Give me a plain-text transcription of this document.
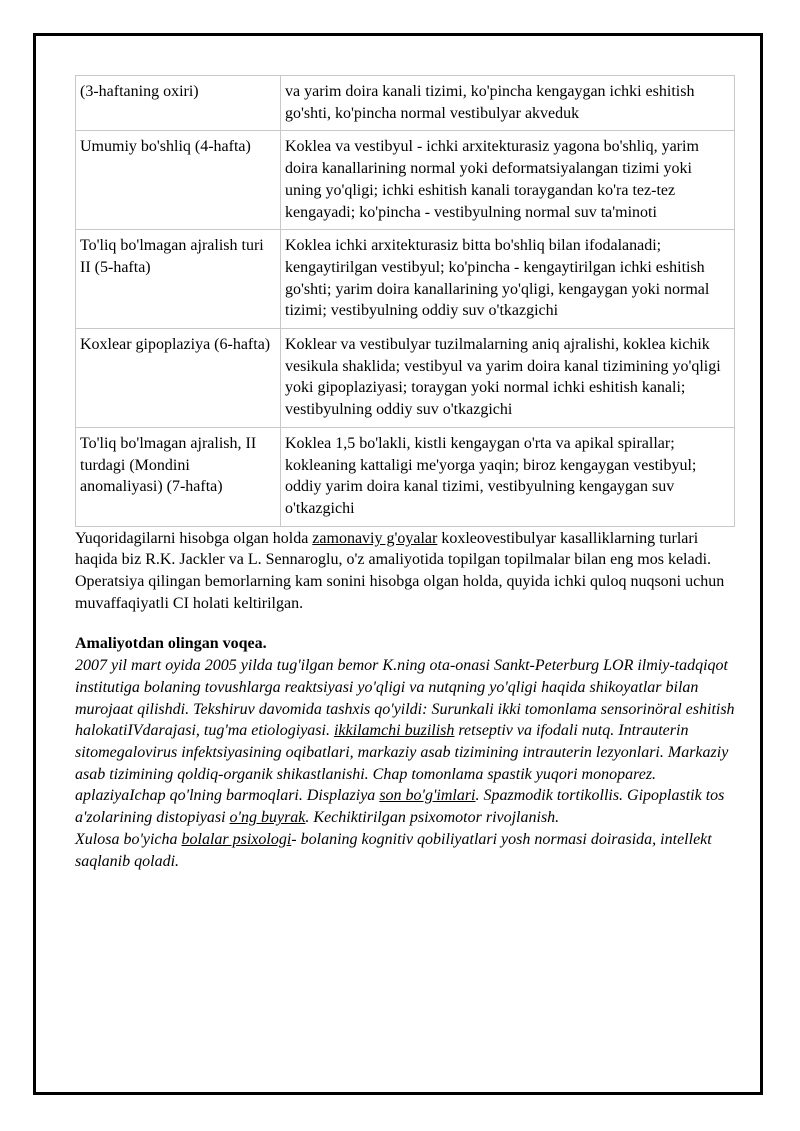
(3-haftaning oxiri)	va yarim doira kanali tizimi, ko'pincha kengaygan ichki eshitish go'shti, ko'pincha normal vestibulyar akveduk
Umumiy bo'shliq (4-hafta)	Koklea va vestibyul - ichki arxitekturasiz yagona bo'shliq, yarim doira kanallarining normal yoki deformatsiyalangan tizimi yoki uning yo'qligi; ichki eshitish kanali toraygandan ko'ra tez-tez kengayadi; ko'pincha - vestibyulning normal suv ta'minoti
To'liq bo'lmagan ajralish turi II (5-hafta)	Koklea ichki arxitekturasiz bitta bo'shliq bilan ifodalanadi; kengaytirilgan vestibyul; ko'pincha - kengaytirilgan ichki eshitish go'shti; yarim doira kanallarining yo'qligi, kengaygan yoki normal tizimi; vestibyulning oddiy suv o'tkazgichi
Koxlear gipoplaziya (6-hafta)	Koklear va vestibulyar tuzilmalarning aniq ajralishi, koklea kichik vesikula shaklida; vestibyul va yarim doira kanal tizimining yo'qligi yoki gipoplaziyasi; toraygan yoki normal ichki eshitish kanali; vestibyulning oddiy suv o'tkazgichi
To'liq bo'lmagan ajralish, II turdagi (Mondini anomaliyasi) (7-hafta)	Koklea 1,5 bo'lakli, kistli kengaygan o'rta va apikal spirallar; kokleaning kattaligi me'yorga yaqin; biroz kengaygan vestibyul; oddiy yarim doira kanal tizimi, vestibyulning kengaygan suv o'tkazgichi

Yuqoridagilarni hisobga olgan holda zamonaviy g'oyalar koxleovestibulyar kasalliklarning turlari haqida biz R.K. Jackler va L. Sennaroglu, o'z amaliyotida topilgan topilmalar bilan eng mos keladi.

Operatsiya qilingan bemorlarning kam sonini hisobga olgan holda, quyida ichki quloq nuqsoni uchun muvaffaqiyatli CI holati keltirilgan.

Amaliyotdan olingan voqea.

2007 yil mart oyida 2005 yilda tug'ilgan bemor K.ning ota-onasi Sankt-Peterburg LOR ilmiy-tadqiqot institutiga bolaning tovushlarga reaktsiyasi yo'qligi va nutqning yo'qligi haqida shikoyatlar bilan murojaat qilishdi. Tekshiruv davomida tashxis qo'yildi: Surunkali ikki tomonlama sensorinöral eshitish halokatiIVdarajasi, tug'ma etiologiyasi. ikkilamchi buzilish retseptiv va ifodali nutq. Intrauterin sitomegalovirus infektsiyasining oqibatlari, markaziy asab tizimining intrauterin lezyonlari. Markaziy asab tizimining qoldiq-organik shikastlanishi. Chap tomonlama spastik yuqori monoparez. aplaziyaIchap qo'lning barmoqlari. Displaziya son bo'g'imlari. Spazmodik tortikollis. Gipoplastik tos a'zolarining distopiyasi o'ng buyrak. Kechiktirilgan psixomotor rivojlanish.

Xulosa bo'yicha bolalar psixologi- bolaning kognitiv qobiliyatlari yosh normasi doirasida, intellekt saqlanib qoladi.
